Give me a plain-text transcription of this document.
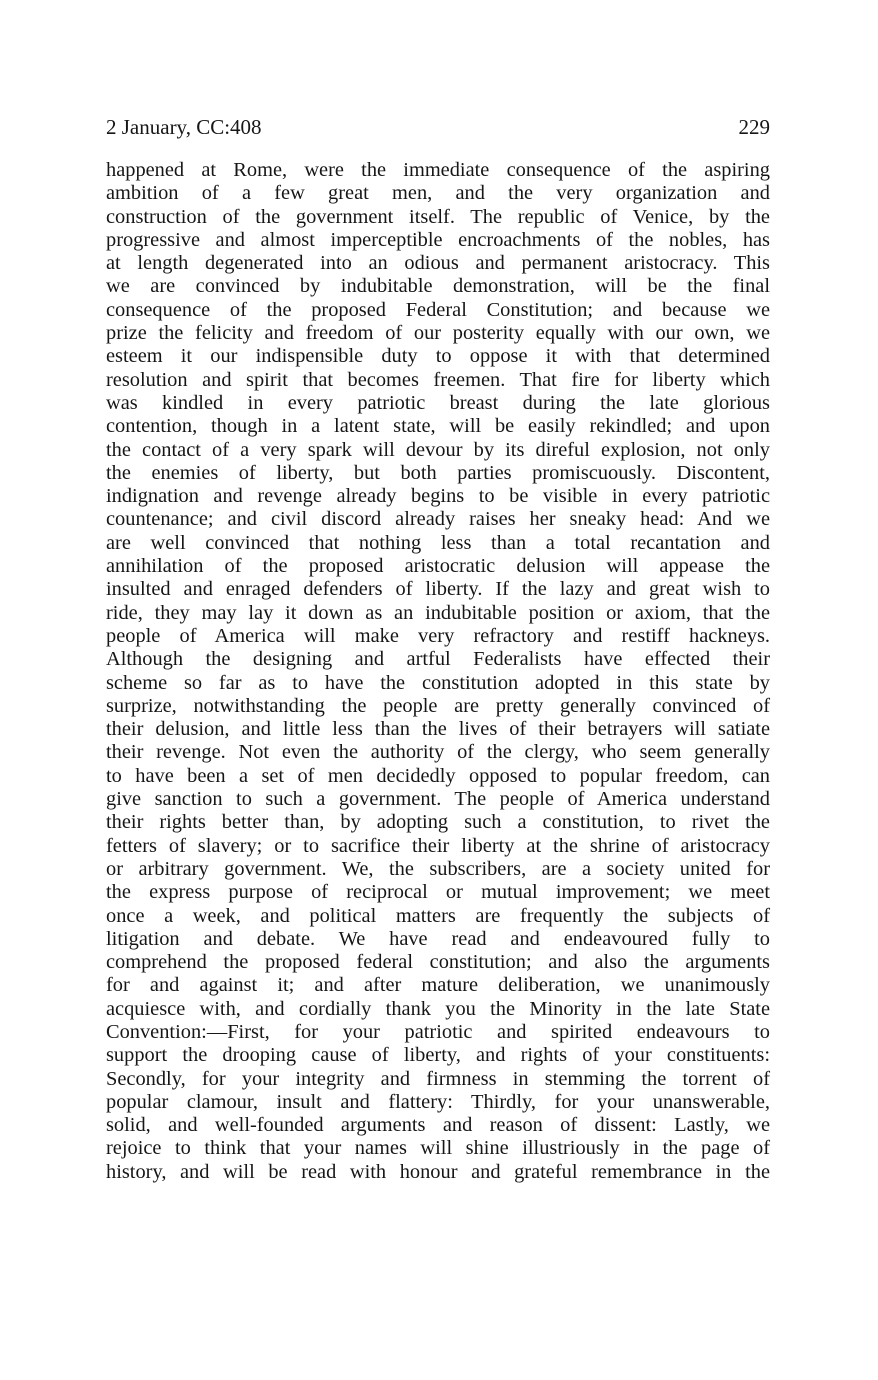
2 January, CC:408	229
happened at Rome, were the immediate consequence of the aspiring
ambition of a few great men, and the very organization and
construction of the government itself. The republic of Venice, by the
progressive and almost imperceptible encroachments of the nobles, has
at length degenerated into an odious and permanent aristocracy. This
we are convinced by indubitable demonstration, will be the final
consequence of the proposed Federal Constitution; and because we
prize the felicity and freedom of our posterity equally with our own, we
esteem it our indispensible duty to oppose it with that determined
resolution and spirit that becomes freemen. That fire for liberty which
was kindled in every patriotic breast during the late glorious
contention, though in a latent state, will be easily rekindled; and upon
the contact of a very spark will devour by its direful explosion, not only
the enemies of liberty, but both parties promiscuously. Discontent,
indignation and revenge already begins to be visible in every patriotic
countenance; and civil discord already raises her sneaky head: And we
are well convinced that nothing less than a total recantation and
annihilation of the proposed aristocratic delusion will appease the
insulted and enraged defenders of liberty. If the lazy and great wish to
ride, they may lay it down as an indubitable position or axiom, that the
people of America will make very refractory and restiff hackneys.
Although the designing and artful Federalists have effected their
scheme so far as to have the constitution adopted in this state by
surprize, notwithstanding the people are pretty generally convinced of
their delusion, and little less than the lives of their betrayers will satiate
their revenge. Not even the authority of the clergy, who seem generally
to have been a set of men decidedly opposed to popular freedom, can
give sanction to such a government. The people of America understand
their rights better than, by adopting such a constitution, to rivet the
fetters of slavery; or to sacrifice their liberty at the shrine of aristocracy
or arbitrary government. We, the subscribers, are a society united for
the express purpose of reciprocal or mutual improvement; we meet
once a week, and political matters are frequently the subjects of
litigation and debate. We have read and endeavoured fully to
comprehend the proposed federal constitution; and also the arguments
for and against it; and after mature deliberation, we unanimously
acquiesce with, and cordially thank you the Minority in the late State
Convention:—First, for your patriotic and spirited endeavours to
support the drooping cause of liberty, and rights of your constituents:
Secondly, for your integrity and firmness in stemming the torrent of
popular clamour, insult and flattery: Thirdly, for your unanswerable,
solid, and well-founded arguments and reason of dissent: Lastly, we
rejoice to think that your names will shine illustriously in the page of
history, and will be read with honour and grateful remembrance in the
